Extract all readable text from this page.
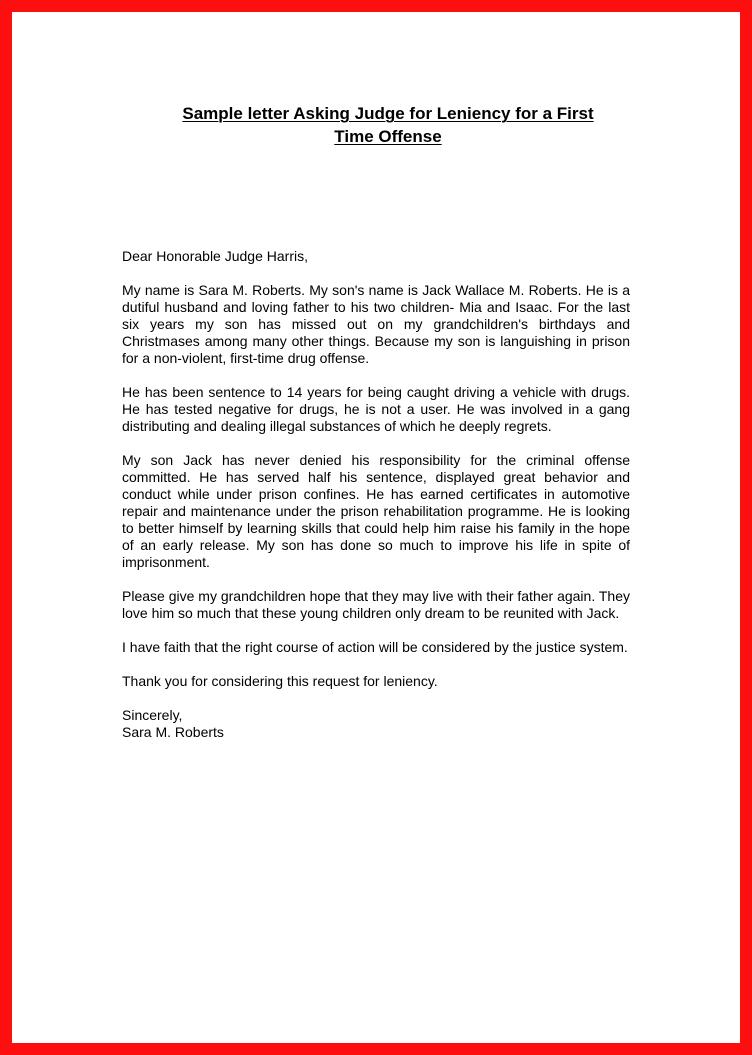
Sample letter Asking Judge for Leniency for a First
Time Offense

Dear Honorable Judge Harris,

My name is Sara M. Roberts. My son's name is Jack Wallace M. Roberts. He is a dutiful husband and loving father to his two children- Mia and Isaac. For the last six years my son has missed out on my grandchildren's birthdays and Christmases among many other things. Because my son is languishing in prison for a non-violent, first-time drug offense.

He has been sentence to 14 years for being caught driving a vehicle with drugs. He has tested negative for drugs, he is not a user. He was involved in a gang distributing and dealing illegal substances of which he deeply regrets.

My son Jack has never denied his responsibility for the criminal offense committed. He has served half his sentence, displayed great behavior and conduct while under prison confines. He has earned certificates in automotive repair and maintenance under the prison rehabilitation programme. He is looking to better himself by learning skills that could help him raise his family in the hope of an early release. My son has done so much to improve his life in spite of imprisonment.

Please give my grandchildren hope that they may live with their father again. They love him so much that these young children only dream to be reunited with Jack.

I have faith that the right course of action will be considered by the justice system.

Thank you for considering this request for leniency.

Sincerely,
Sara M. Roberts
